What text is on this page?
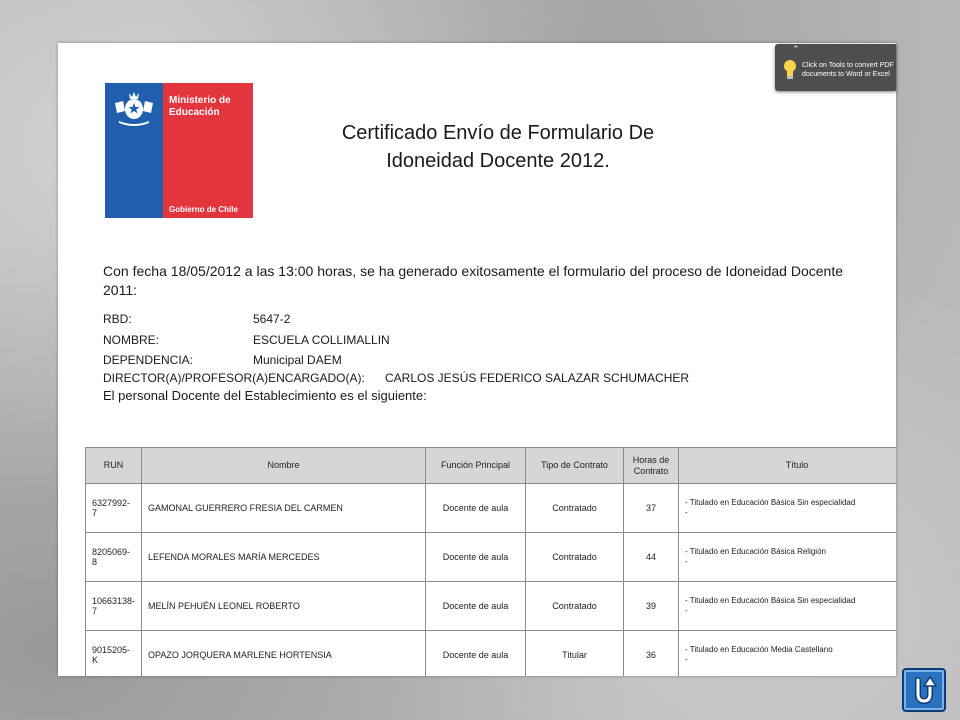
Ministerio de
Educación
Gobierno de Chile
Certificado Envío de Formulario De
Idoneidad Docente 2012.
Con fecha 18/05/2012 a las 13:00 horas, se ha generado exitosamente el formulario del proceso de Idoneidad Docente 2011:
RBD:	5647-2
NOMBRE:	ESCUELA COLLIMALLIN
DEPENDENCIA:	Municipal DAEM
DIRECTOR(A)/PROFESOR(A)ENCARGADO(A): CARLOS JESÚS FEDERICO SALAZAR SCHUMACHER
El personal Docente del Establecimiento es el siguiente:
RUN	Nombre	Función Principal	Tipo de Contrato	Horas de Contrato	Título
6327992-7	GAMONAL GUERRERO FRESIA DEL CARMEN	Docente de aula	Contratado	37	- Titulado en Educación Básica Sin especialidad
-
8205069-8	LEFENDA MORALES MARÍA MERCEDES	Docente de aula	Contratado	44	- Titulado en Educación Básica Religión
-
10663138-7	MELÍN PEHUÉN LEONEL ROBERTO	Docente de aula	Contratado	39	- Titulado en Educación Básica Sin especialidad
-
9015205-K	OPAZO JORQUERA MARLENE HORTENSIA	Docente de aula	Titular	36	- Titulado en Educación Media Castellano
-
⌃
Click on Tools to convert PDF
documents to Word or Excel
